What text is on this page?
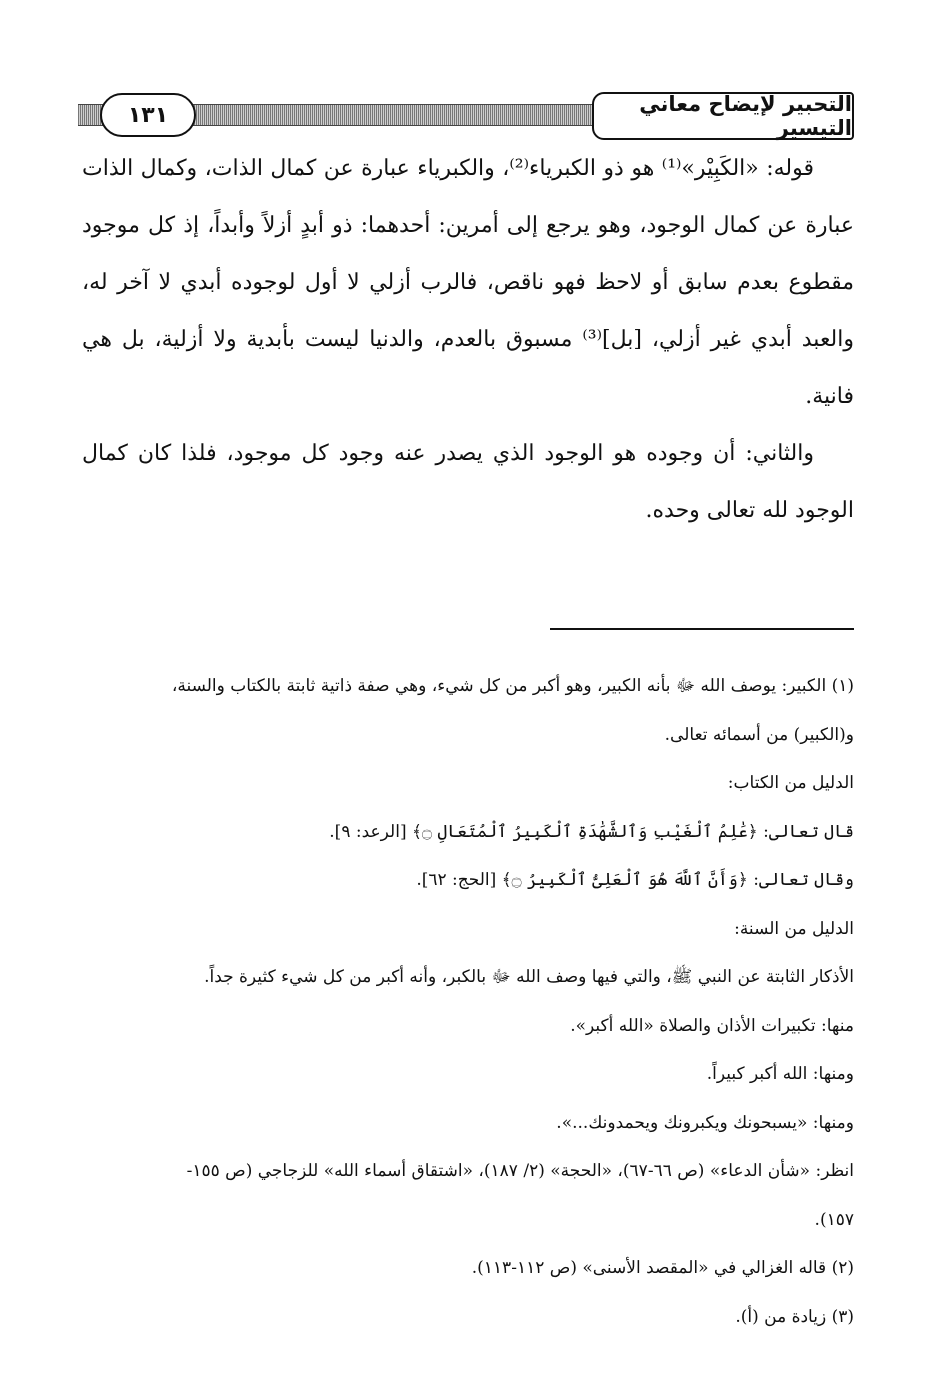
التحبير لإيضاح معاني التيسير
١٣١

قوله: «الكَبِيْر»⁽¹⁾ هو ذو الكبرياء⁽²⁾، والكبرياء عبارة عن كمال الذات، وكمال الذات عبارة عن كمال الوجود، وهو يرجع إلى أمرين: أحدهما: ذو أبدٍ أزلاً وأبداً، إذ كل موجود مقطوع بعدم سابق أو لاحظ فهو ناقص، فالرب أزلي لا أول لوجوده أبدي لا آخر له، والعبد أبدي غير أزلي، [بل]⁽³⁾ مسبوق بالعدم، والدنيا ليست بأبدية ولا أزلية، بل هي فانية.

والثاني: أن وجوده هو الوجود الذي يصدر عنه وجود كل موجود، فلذا كان كمال الوجود لله تعالى وحده.

(١) الكبير: يوصف الله ﷻ بأنه الكبير، وهو أكبر من كل شيء، وهي صفة ذاتية ثابتة بالكتاب والسنة،

و(الكبير) من أسمائه تعالى.

الدليل من الكتاب:

قال تعالى: ﴿عَٰلِمُ ٱلْغَيْبِ وَٱلشَّهَٰدَةِ ٱلْكَبِيرُ ٱلْمُتَعَالِ ۝﴾ [الرعد: ٩].

وقال تعالى: ﴿وَأَنَّ ٱللَّهَ هُوَ ٱلْعَلِىُّ ٱلْكَبِيرُ ۝﴾ [الحج: ٦٢].

الدليل من السنة:

الأذكار الثابتة عن النبي ﷺ، والتي فيها وصف الله ﷻ بالكبر، وأنه أكبر من كل شيء كثيرة جداً.

منها: تكبيرات الأذان والصلاة «الله أكبر».

ومنها: الله أكبر كبيراً.

ومنها: «يسبحونك ويكبرونك ويحمدونك...».

انظر: «شأن الدعاء» (ص ٦٦-٦٧)، «الحجة» (٢/ ١٨٧)، «اشتقاق أسماء الله» للزجاجي (ص ١٥٥-

١٥٧).

(٢) قاله الغزالي في «المقصد الأسنى» (ص ١١٢-١١٣).

(٣) زيادة من (أ).
